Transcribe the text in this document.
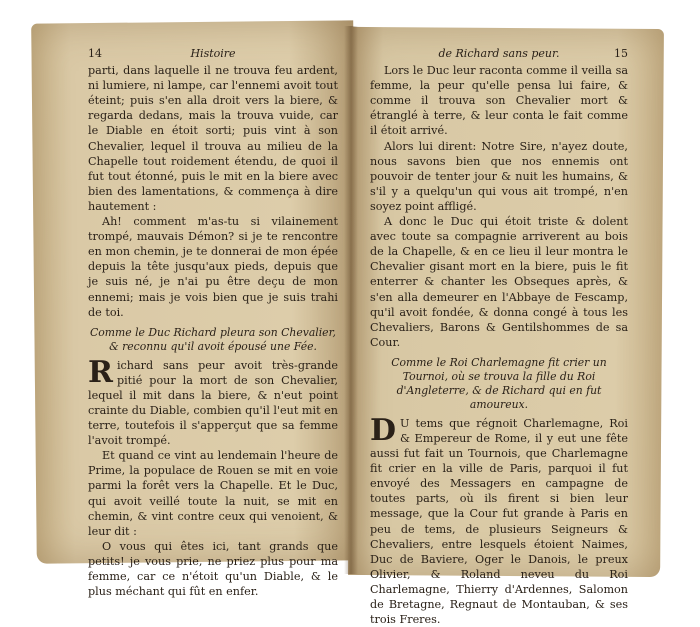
14	Histoire

parti, dans laquelle il ne trouva feu ardent, ni lumiere, ni lampe, car l'ennemi avoit tout éteint; puis s'en alla droit vers la biere, & regarda dedans, mais la trouva vuide, car le Diable en étoit sorti; puis vint à son Chevalier, lequel il trouva au milieu de la Chapelle tout roidement étendu, de quoi il fut tout étonné, puis le mit en la biere avec bien des lamentations, & commença à dire hautement :

Ah! comment m'as-tu si vilainement trompé, mauvais Démon? si je te rencontre en mon chemin, je te donnerai de mon épée depuis la tête jusqu'aux pieds, depuis que je suis né, je n'ai pu être deçu de mon ennemi; mais je vois bien que je suis trahi de toi.

Comme le Duc Richard pleura son Chevalier, & reconnu qu'il avoit épousé une Fée.

Richard sans peur avoit très-grande pitié pour la mort de son Chevalier, lequel il mit dans la biere, & n'eut point crainte du Diable, combien qu'il l'eut mit en terre, toutefois il s'apperçut que sa femme l'avoit trompé.

Et quand ce vint au lendemain l'heure de Prime, la populace de Rouen se mit en voie parmi la forêt vers la Chapelle. Et le Duc, qui avoit veillé toute la nuit, se mit en chemin, & vint contre ceux qui venoient, & leur dit :

O vous qui êtes ici, tant grands que petits! je vous prie, ne priez plus pour ma femme, car ce n'étoit qu'un Diable, & le plus méchant qui fût en enfer.

de Richard sans peur.	15

Lors le Duc leur raconta comme il veilla sa femme, la peur qu'elle pensa lui faire, & comme il trouva son Chevalier mort & étranglé à terre, & leur conta le fait comme il étoit arrivé.

Alors lui dirent: Notre Sire, n'ayez doute, nous savons bien que nos ennemis ont pouvoir de tenter jour & nuit les humains, & s'il y a quelqu'un qui vous ait trompé, n'en soyez point affligé.

A donc le Duc qui étoit triste & dolent avec toute sa compagnie arriverent au bois de la Chapelle, & en ce lieu il leur montra le Chevalier gisant mort en la biere, puis le fit enterrer & chanter les Obseques après, & s'en alla demeurer en l'Abbaye de Fescamp, qu'il avoit fondée, & donna congé à tous les Chevaliers, Barons & Gentilshommes de sa Cour.

Comme le Roi Charlemagne fit crier un Tournoi, où se trouva la fille du Roi d'Angleterre, & de Richard qui en fut amoureux.

D U tems que régnoit Charlemagne, Roi & Empereur de Rome, il y eut une fête aussi fut fait un Tournois, que Charlemagne fit crier en la ville de Paris, parquoi il fut envoyé des Messagers en campagne de toutes parts, où ils firent si bien leur message, que la Cour fut grande à Paris en peu de tems, de plusieurs Seigneurs & Chevaliers, entre lesquels étoient Naimes, Duc de Baviere, Oger le Danois, le preux Olivier, & Roland neveu du Roi Charlemagne, Thierry d'Ardennes, Salomon de Bretagne, Regnaut de Montauban, & ses trois Freres.
